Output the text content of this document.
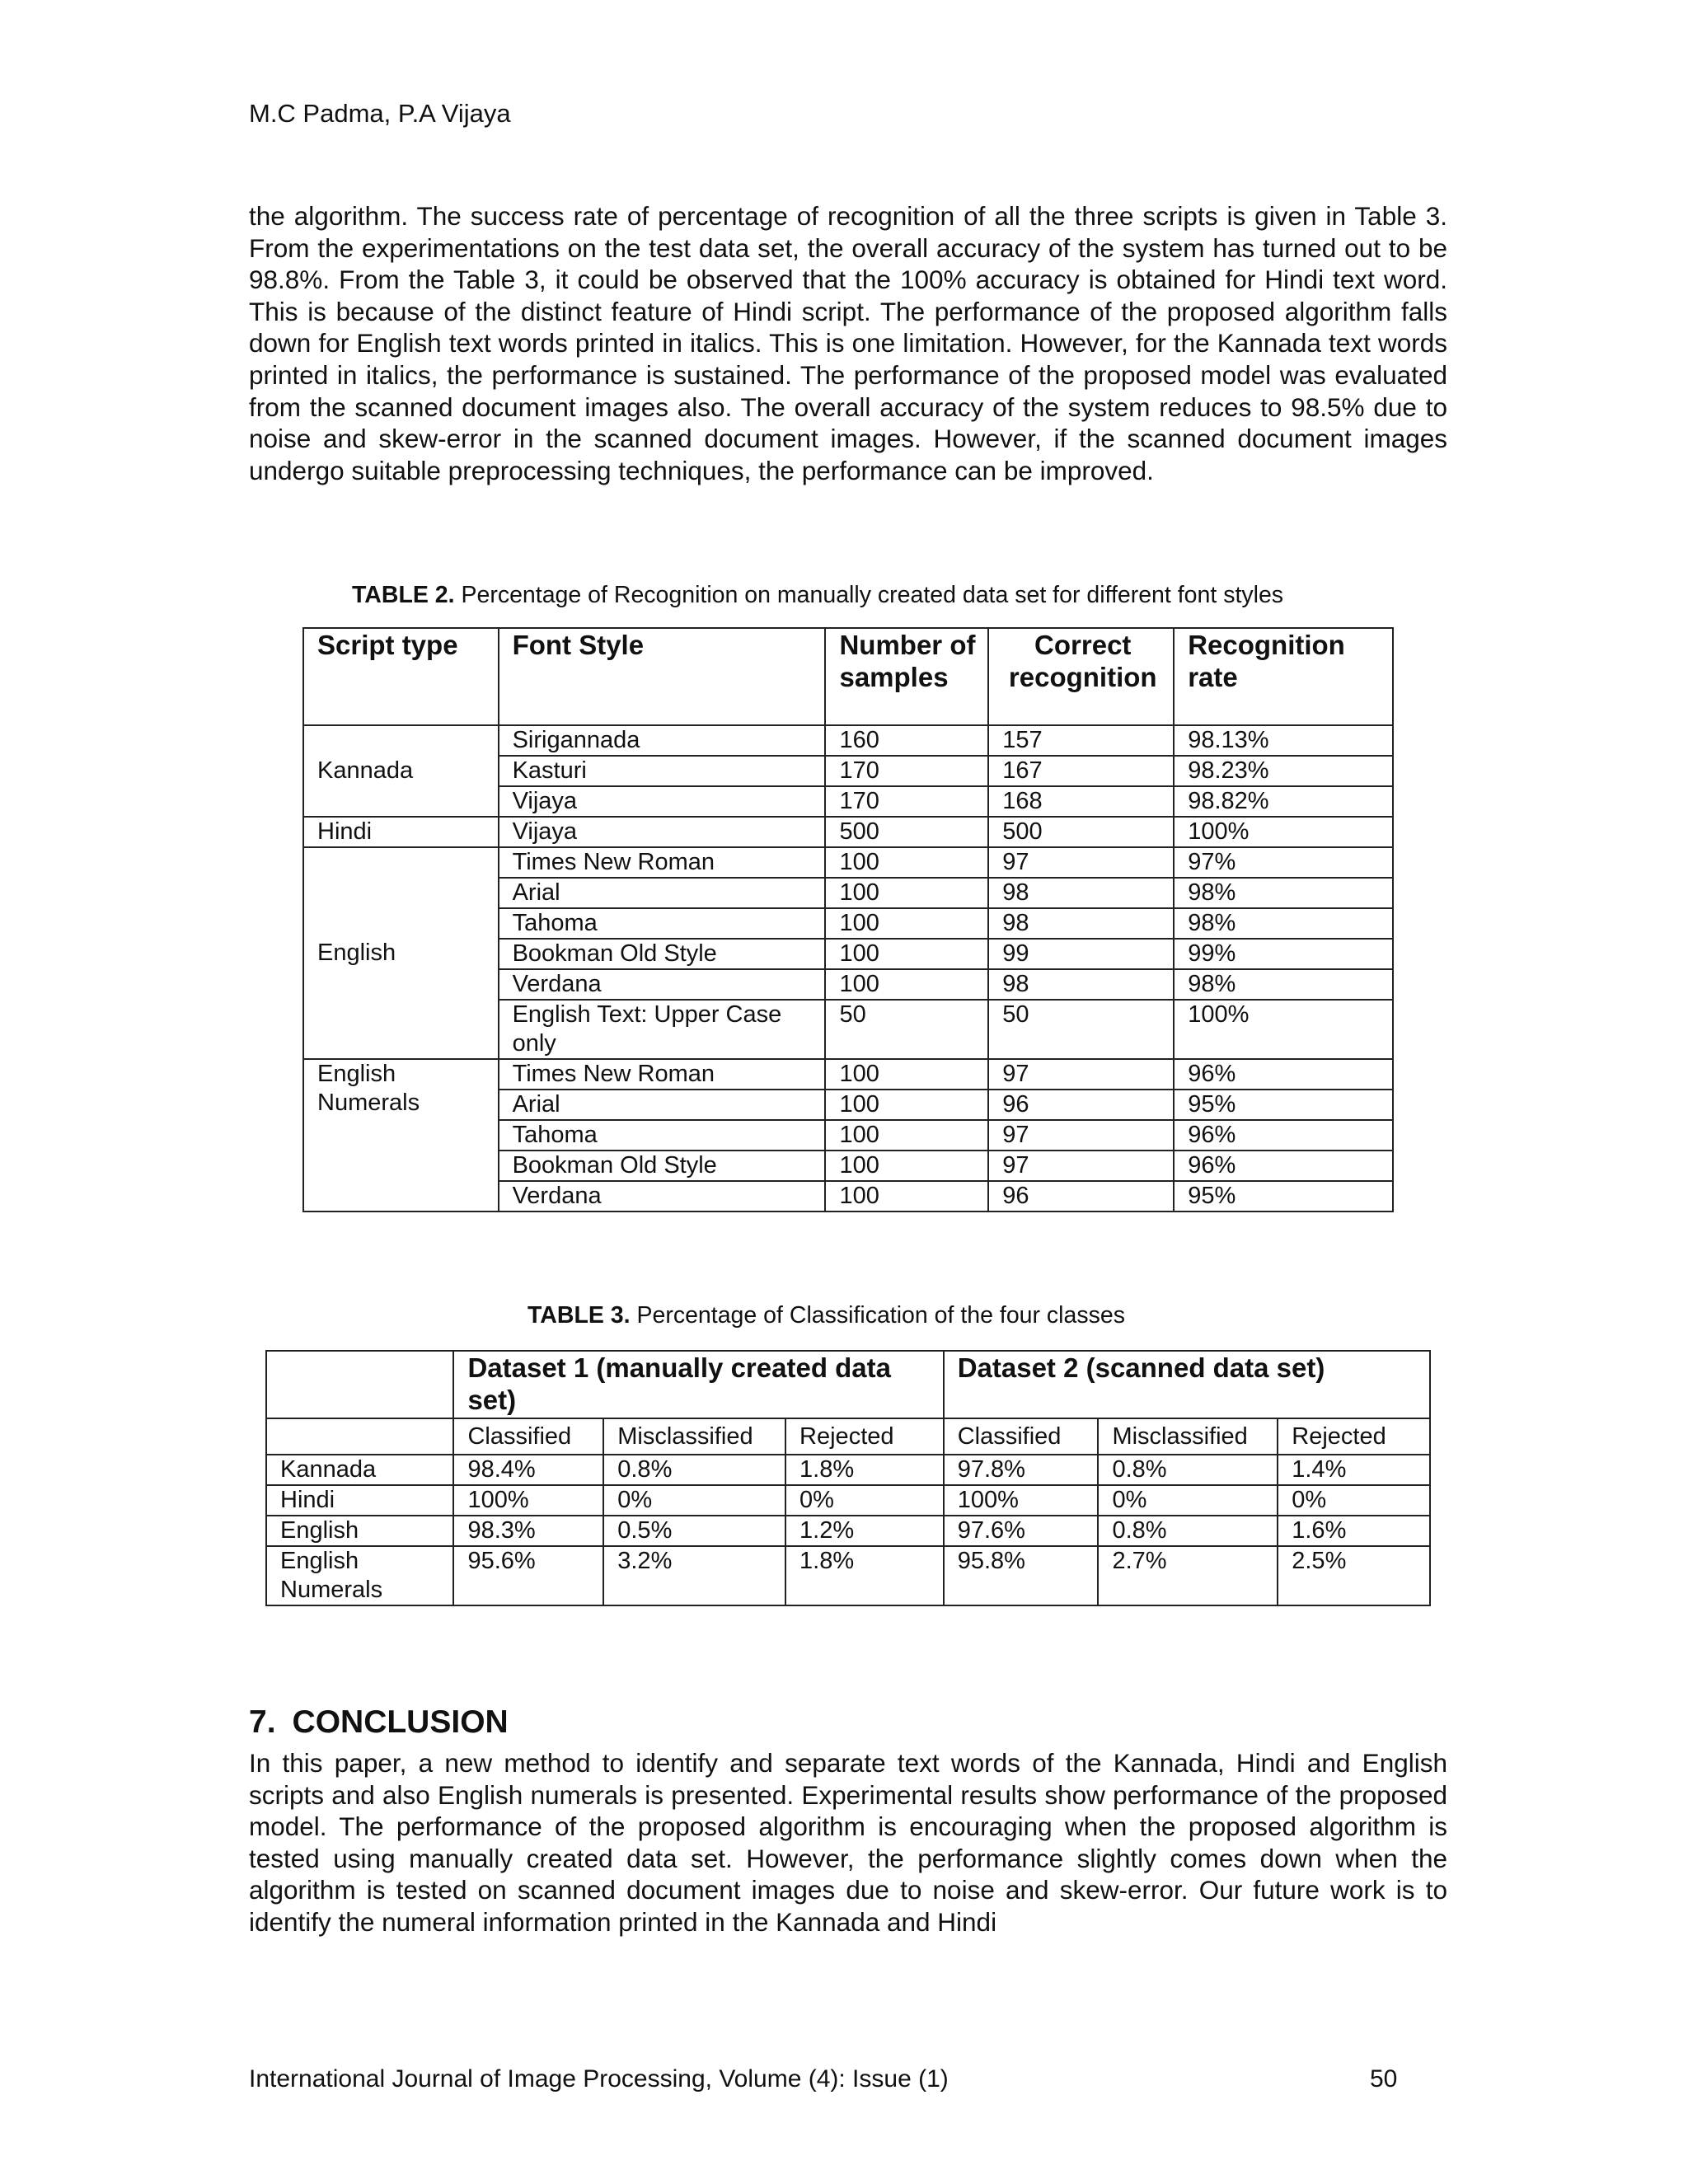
M.C Padma, P.A Vijaya

the algorithm. The success rate of percentage of recognition of all the three scripts is given in Table 3. From the experimentations on the test data set, the overall accuracy of the system has turned out to be 98.8%. From the Table 3, it could be observed that the 100% accuracy is obtained for Hindi text word. This is because of the distinct feature of Hindi script. The performance of the proposed algorithm falls down for English text words printed in italics. This is one limitation. However, for the Kannada text words printed in italics, the performance is sustained. The performance of the proposed model was evaluated from the scanned document images also. The overall accuracy of the system reduces to 98.5% due to noise and skew-error in the scanned document images. However, if the scanned document images undergo suitable preprocessing techniques, the performance can be improved.

TABLE 2. Percentage of Recognition on manually created data set for different font styles
Script type	Font Style	Number of samples	Correct recognition	Recognition rate
Kannada	Sirigannada	160	157	98.13%
	Kasturi	170	167	98.23%
	Vijaya	170	168	98.82%
Hindi	Vijaya	500	500	100%
English	Times New Roman	100	97	97%
	Arial	100	98	98%
	Tahoma	100	98	98%
	Bookman Old Style	100	99	99%
	Verdana	100	98	98%
	English Text: Upper Case only	50	50	100%
English Numerals	Times New Roman	100	97	96%
	Arial	100	96	95%
	Tahoma	100	97	96%
	Bookman Old Style	100	97	96%
	Verdana	100	96	95%
TABLE 3. Percentage of Classification of the four classes
	Dataset 1 (manually created data set)			Dataset 2 (scanned data set)		
	Classified	Misclassified	Rejected	Classified	Misclassified	Rejected
Kannada	98.4%	0.8%	1.8%	97.8%	0.8%	1.4%
Hindi	100%	0%	0%	100%	0%	0%
English	98.3%	0.5%	1.2%	97.6%	0.8%	1.6%
English Numerals	95.6%	3.2%	1.8%	95.8%	2.7%	2.5%
7. CONCLUSION

In this paper, a new method to identify and separate text words of the Kannada, Hindi and English scripts and also English numerals is presented. Experimental results show performance of the proposed model. The performance of the proposed algorithm is encouraging when the proposed algorithm is tested using manually created data set. However, the performance slightly comes down when the algorithm is tested on scanned document images due to noise and skew-error. Our future work is to identify the numeral information printed in the Kannada and Hindi

International Journal of Image Processing, Volume (4): Issue (1)	50
